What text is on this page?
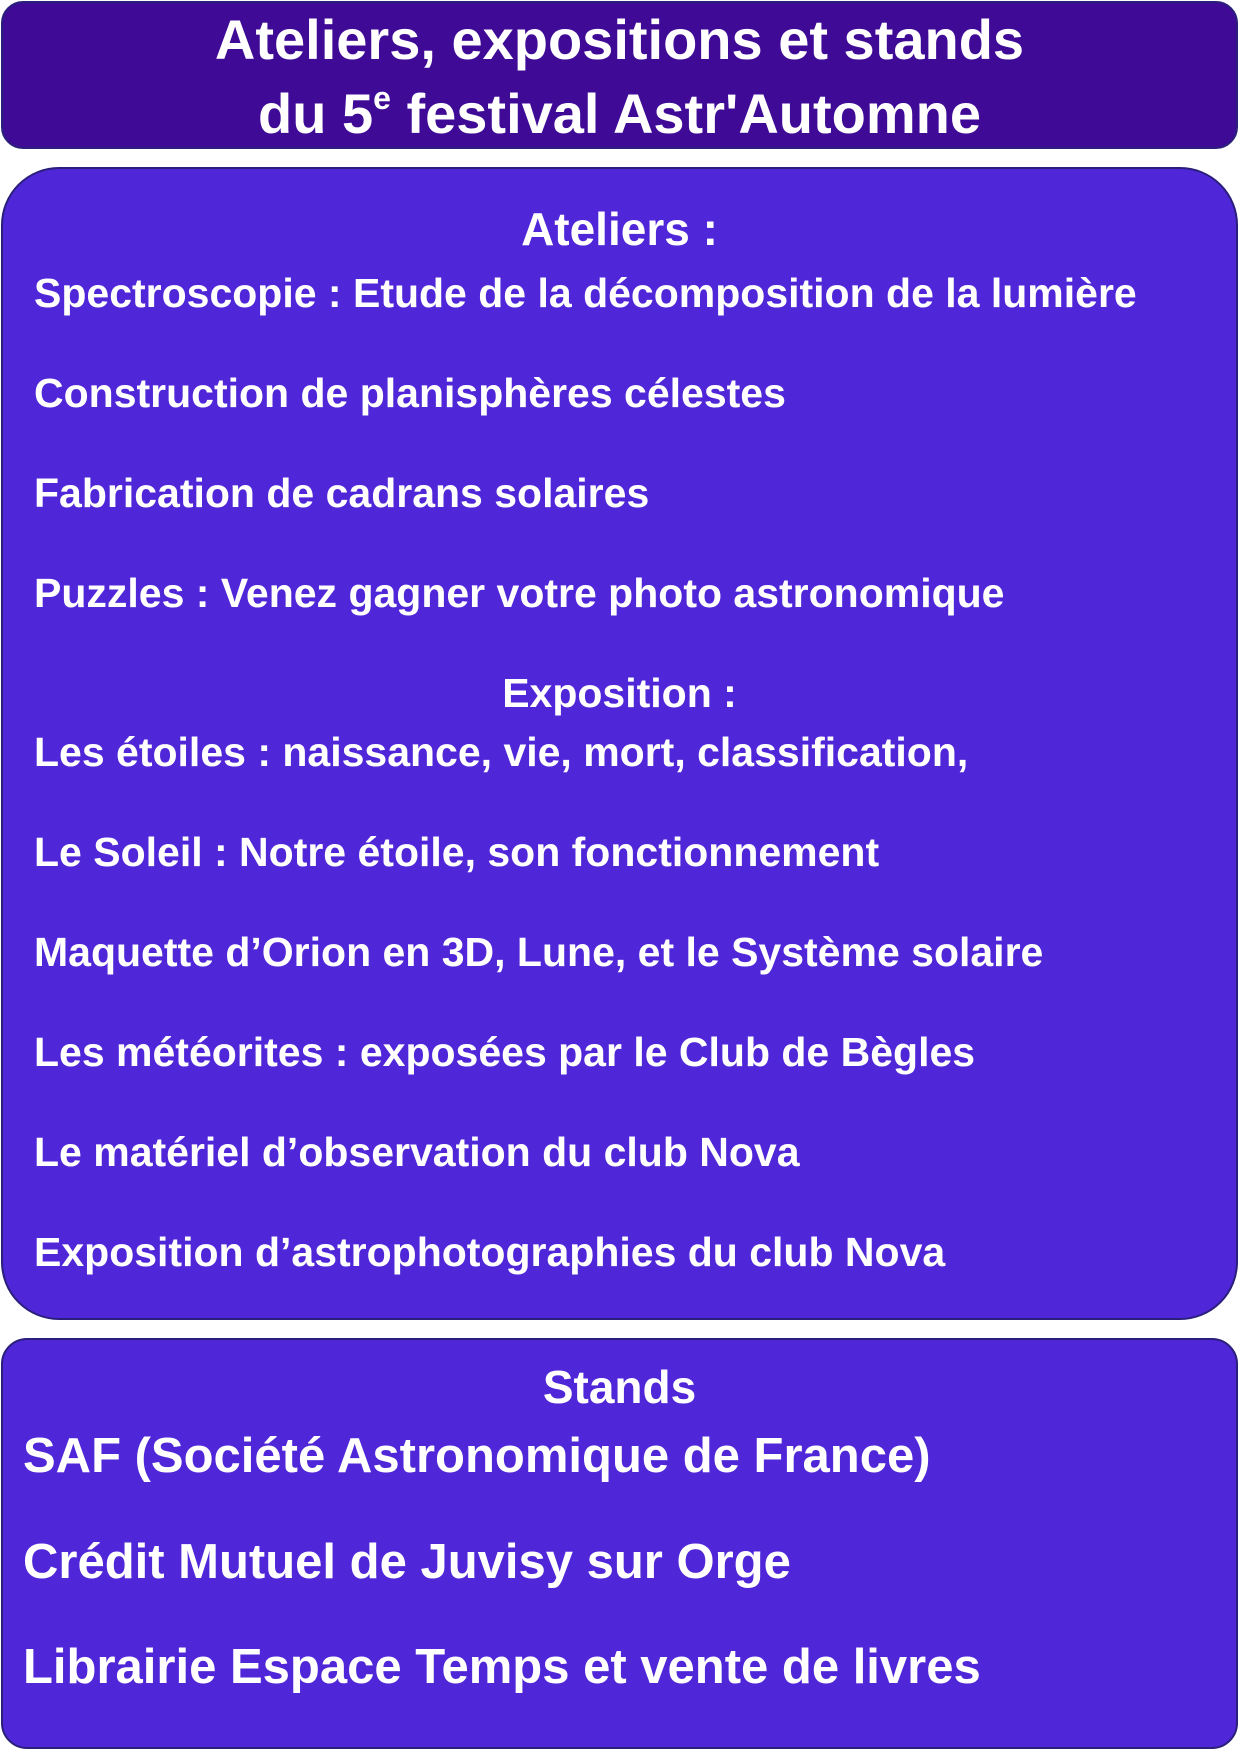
Ateliers, expositions et stands
du 5e festival Astr'Automne
Ateliers :
Spectroscopie : Etude de la décomposition de la lumière
Construction de planisphères célestes
Fabrication de cadrans solaires
Puzzles : Venez gagner votre photo astronomique
Exposition :
Les étoiles : naissance, vie, mort, classification,
Le Soleil : Notre étoile, son fonctionnement
Maquette d’Orion en 3D, Lune, et le Système solaire
Les météorites : exposées par le Club de Bègles
Le matériel d’observation du club Nova
Exposition d’astrophotographies du club Nova
Stands
SAF (Société Astronomique de France)
Crédit Mutuel de Juvisy sur Orge
Librairie Espace Temps et vente de livres
